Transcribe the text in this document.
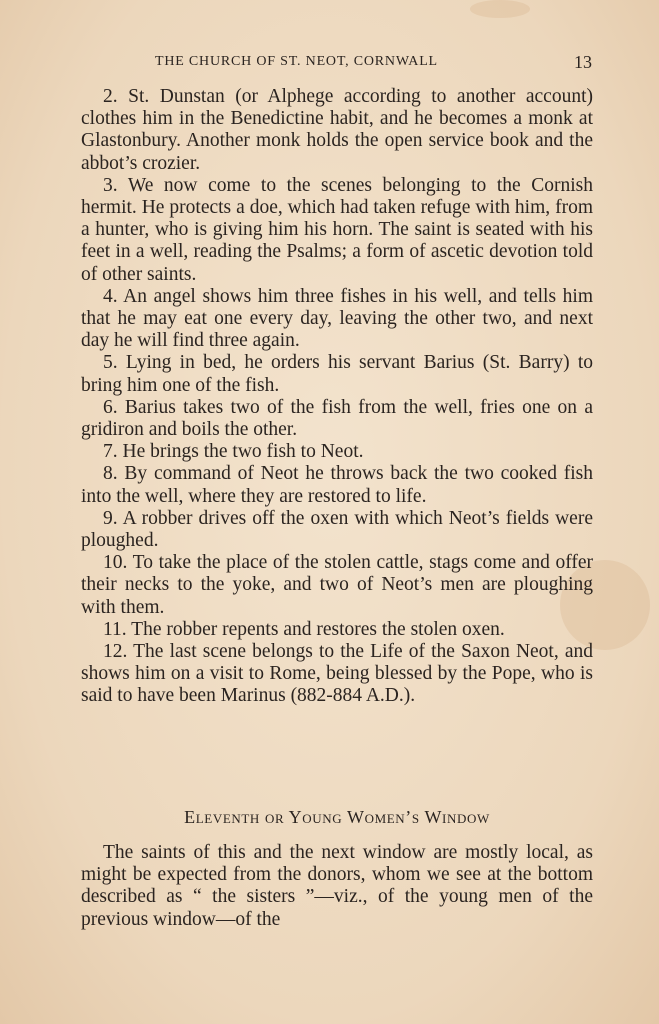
THE CHURCH OF ST. NEOT, CORNWALL	13

2. St. Dunstan (or Alphege according to another account) clothes him in the Benedictine habit, and he becomes a monk at Glastonbury. Another monk holds the open service book and the abbot’s crozier.

3. We now come to the scenes belonging to the Cornish hermit. He protects a doe, which had taken refuge with him, from a hunter, who is giving him his horn. The saint is seated with his feet in a well, reading the Psalms; a form of ascetic devotion told of other saints.

4. An angel shows him three fishes in his well, and tells him that he may eat one every day, leaving the other two, and next day he will find three again.

5. Lying in bed, he orders his servant Barius (St. Barry) to bring him one of the fish.

6. Barius takes two of the fish from the well, fries one on a gridiron and boils the other.

7. He brings the two fish to Neot.

8. By command of Neot he throws back the two cooked fish into the well, where they are restored to life.

9. A robber drives off the oxen with which Neot’s fields were ploughed.

10. To take the place of the stolen cattle, stags come and offer their necks to the yoke, and two of Neot’s men are ploughing with them.

11. The robber repents and restores the stolen oxen.

12. The last scene belongs to the Life of the Saxon Neot, and shows him on a visit to Rome, being blessed by the Pope, who is said to have been Marinus (882-884 A.D.).

Eleventh or Young Women’s Window

The saints of this and the next window are mostly local, as might be expected from the donors, whom we see at the bottom described as “ the sisters ”—viz., of the young men of the previous window—of the
